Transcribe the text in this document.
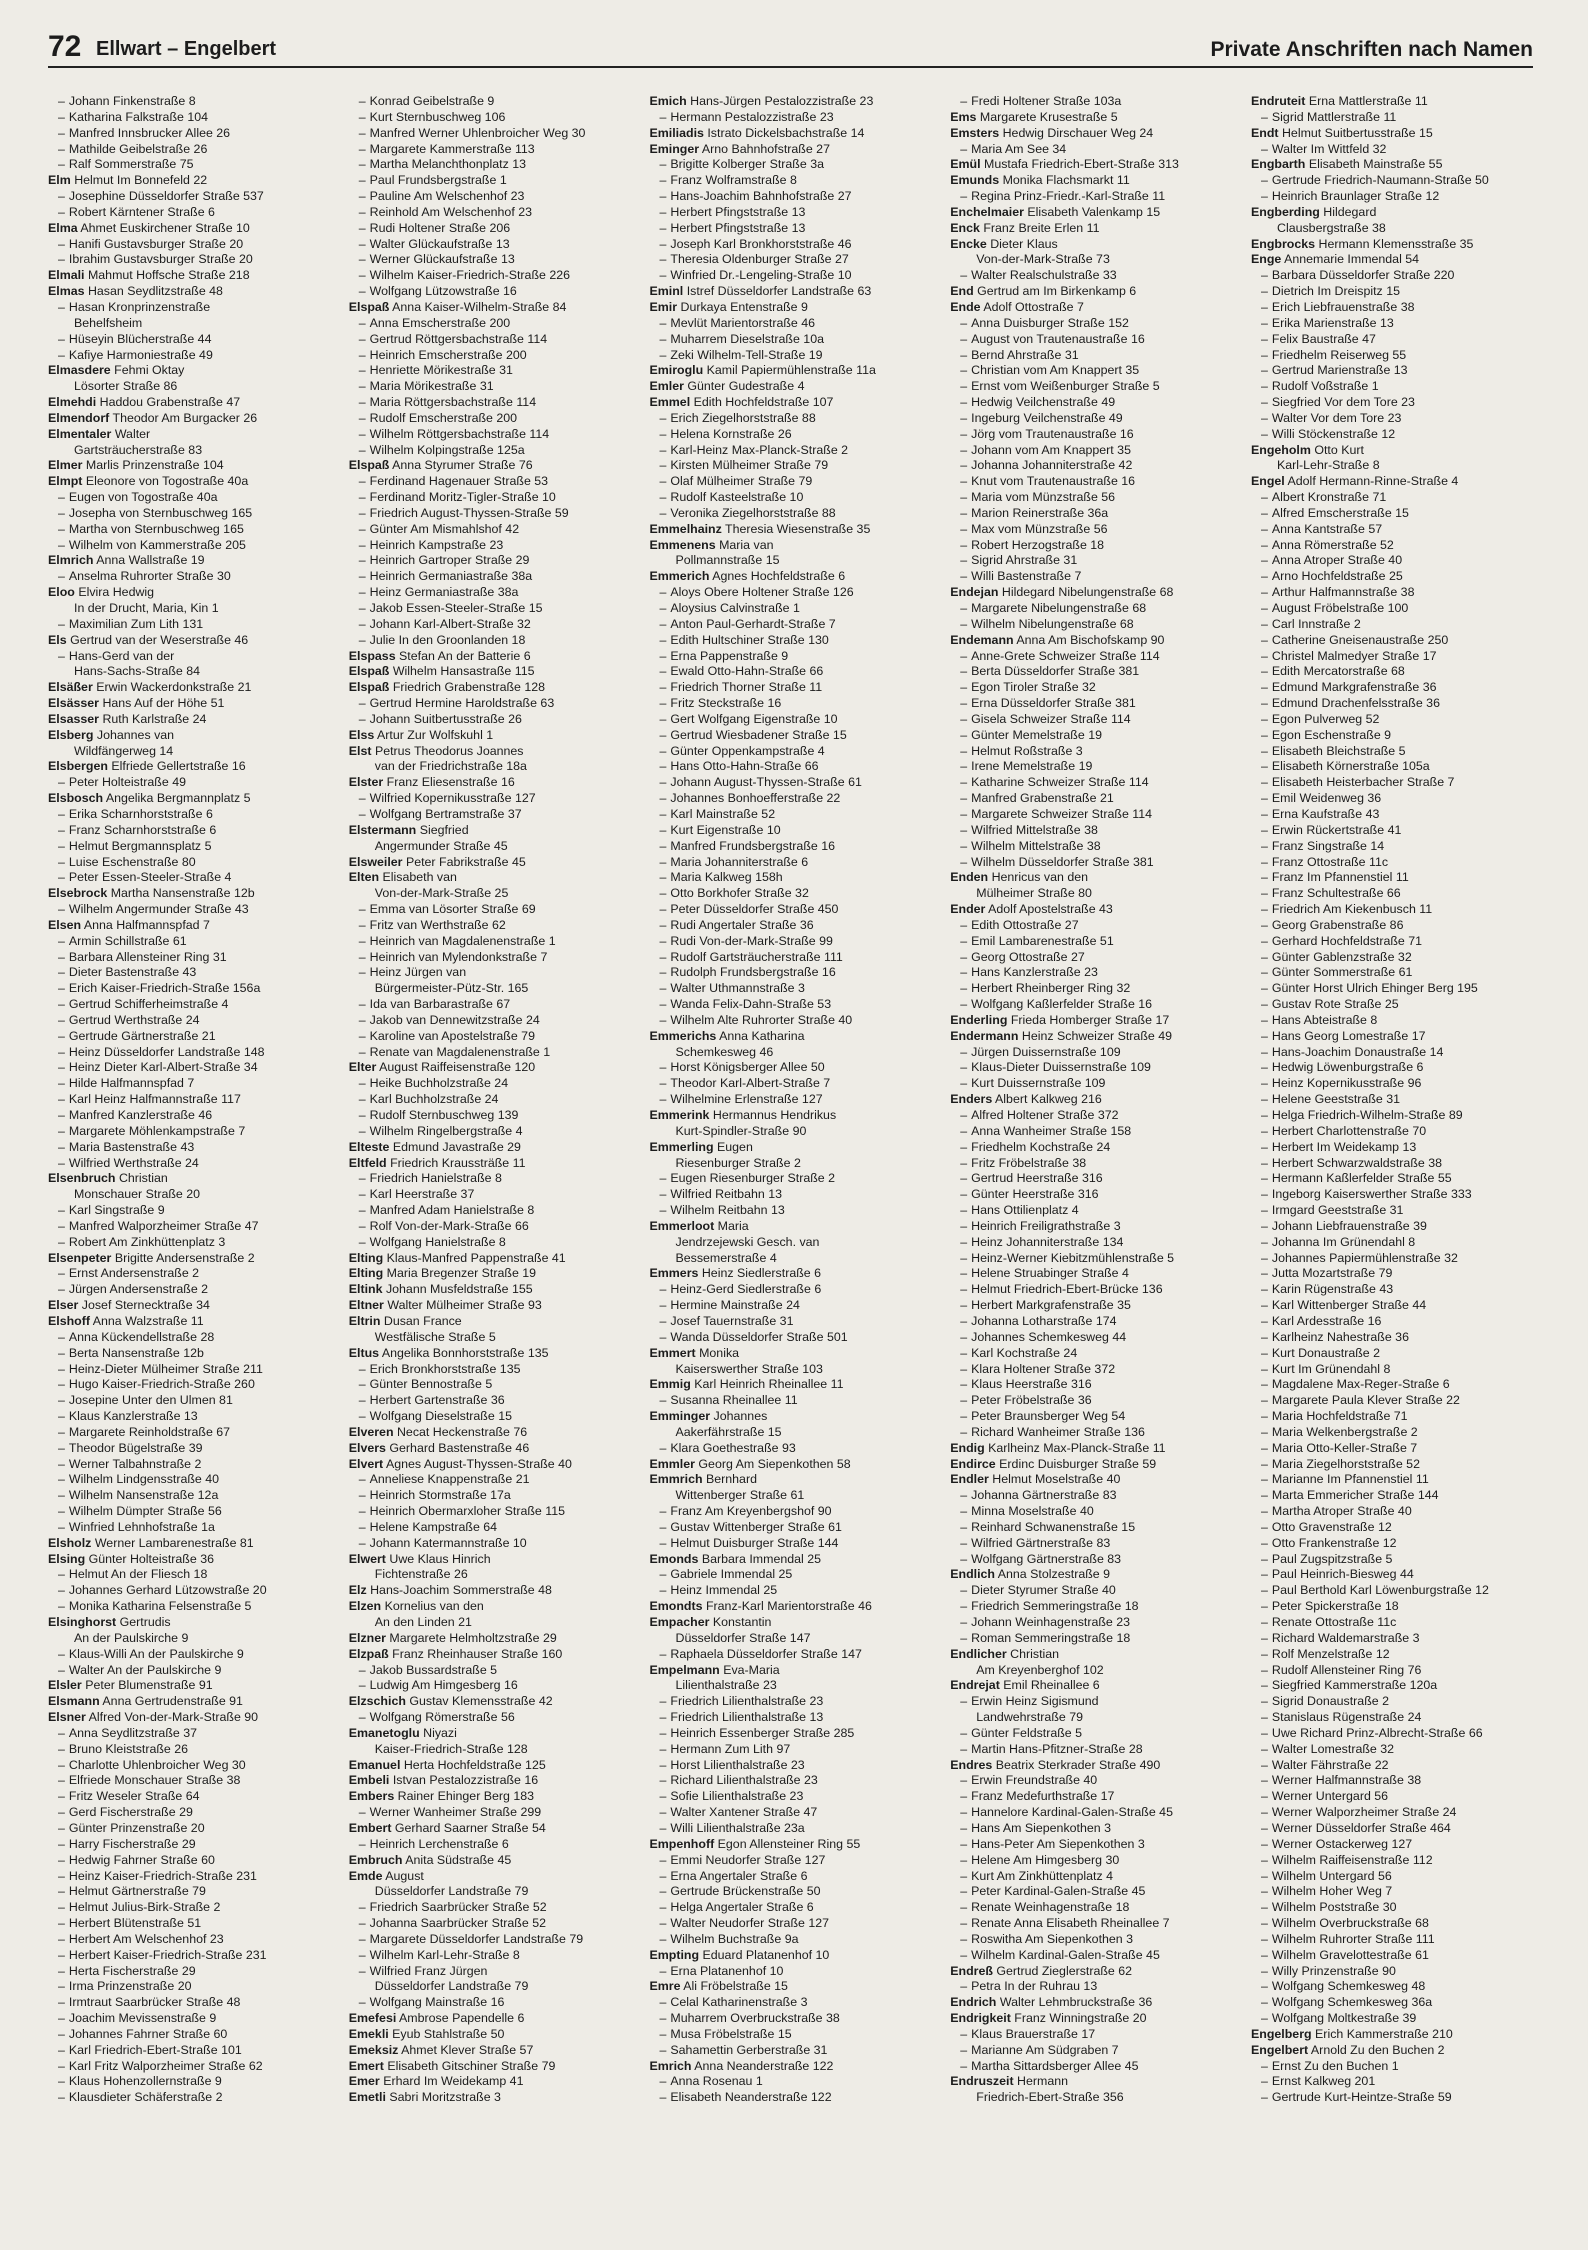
72 Ellwart – Engelbert	Private Anschriften nach Namen
– Johann Finkenstraße 8
– Katharina Falkstraße 104
– Manfred Innsbrucker Allee 26
– Mathilde Geibelstraße 26
– Ralf Sommerstraße 75
Elm Helmut Im Bonnefeld 22
– Josephine Düsseldorfer Straße 537
– Robert Kärntener Straße 6
Elma Ahmet Euskirchener Straße 10
– Hanifi Gustavsburger Straße 20
– Ibrahim Gustavsburger Straße 20
Elmali Mahmut Hoffsche Straße 218
Elmas Hasan Seydlitzstraße 48
– Hasan Kronprinzenstraße
Behelfsheim
– Hüseyin Blücherstraße 44
– Kafiye Harmoniestraße 49
Elmasdere Fehmi Oktay
Lösorter Straße 86
Elmehdi Haddou Grabenstraße 47
Elmendorf Theodor Am Burgacker 26
Elmentaler Walter
Gartsträucherstraße 83
Elmer Marlis Prinzenstraße 104
Elmpt Eleonore von Togostraße 40a
– Eugen von Togostraße 40a
– Josepha von Sternbuschweg 165
– Martha von Sternbuschweg 165
– Wilhelm von Kammerstraße 205
Elmrich Anna Wallstraße 19
– Anselma Ruhrorter Straße 30
Eloo Elvira Hedwig
In der Drucht, Maria, Kin 1
– Maximilian Zum Lith 131
Els Gertrud van der Weserstraße 46
– Hans-Gerd van der
Hans-Sachs-Straße 84
Elsäßer Erwin Wackerdonkstraße 21
Elsässer Hans Auf der Höhe 51
Elsasser Ruth Karlstraße 24
Elsberg Johannes van
Wildfängerweg 14
Elsbergen Elfriede Gellertstraße 16
– Peter Holteistraße 49
Elsbosch Angelika Bergmannplatz 5
– Erika Scharnhorststraße 6
– Franz Scharnhorststraße 6
– Helmut Bergmannsplatz 5
– Luise Eschenstraße 80
– Peter Essen-Steeler-Straße 4
Elsebrock Martha Nansenstraße 12b
– Wilhelm Angermunder Straße 43
Elsen Anna Halfmannspfad 7
– Armin Schillstraße 61
– Barbara Allensteiner Ring 31
– Dieter Bastenstraße 43
– Erich Kaiser-Friedrich-Straße 156a
– Gertrud Schifferheimstraße 4
– Gertrud Werthstraße 24
– Gertrude Gärtnerstraße 21
– Heinz Düsseldorfer Landstraße 148
– Heinz Dieter Karl-Albert-Straße 34
– Hilde Halfmannspfad 7
– Karl Heinz Halfmannstraße 117
– Manfred Kanzlerstraße 46
– Margarete Möhlenkampstraße 7
– Maria Bastenstraße 43
– Wilfried Werthstraße 24
Elsenbruch Christian
Monschauer Straße 20
– Karl Singstraße 9
– Manfred Walporzheimer Straße 47
– Robert Am Zinkhüttenplatz 3
Elsenpeter Brigitte Andersenstraße 2
– Ernst Andersenstraße 2
– Jürgen Andersenstraße 2
Elser Josef Sternecktraße 34
Elshoff Anna Walzstraße 11
– Anna Kückendellstraße 28
– Berta Nansenstraße 12b
– Heinz-Dieter Mülheimer Straße 211
– Hugo Kaiser-Friedrich-Straße 260
– Josepine Unter den Ulmen 81
– Klaus Kanzlerstraße 13
– Margarete Reinholdstraße 67
– Theodor Bügelstraße 39
– Werner Talbahnstraße 2
– Wilhelm Lindgensstraße 40
– Wilhelm Nansenstraße 12a
– Wilhelm Dümpter Straße 56
– Winfried Lehnhofstraße 1a
Elsholz Werner Lambarenestraße 81
Elsing Günter Holteistraße 36
– Helmut An der Fliesch 18
– Johannes Gerhard Lützowstraße 20
– Monika Katharina Felsenstraße 5
Elsinghorst Gertrudis
An der Paulskirche 9
– Klaus-Willi An der Paulskirche 9
– Walter An der Paulskirche 9
Elsler Peter Blumenstraße 91
Elsmann Anna Gertrudenstraße 91
Elsner Alfred Von-der-Mark-Straße 90
– Anna Seydlitzstraße 37
– Bruno Kleiststraße 26
– Charlotte Uhlenbroicher Weg 30
– Elfriede Monschauer Straße 38
– Fritz Weseler Straße 64
– Gerd Fischerstraße 29
– Günter Prinzenstraße 20
– Harry Fischerstraße 29
– Hedwig Fahrner Straße 60
– Heinz Kaiser-Friedrich-Straße 231
– Helmut Gärtnerstraße 79
– Helmut Julius-Birk-Straße 2
– Herbert Blütenstraße 51
– Herbert Am Welschenhof 23
– Herbert Kaiser-Friedrich-Straße 231
– Herta Fischerstraße 29
– Irma Prinzenstraße 20
– Irmtraut Saarbrücker Straße 48
– Joachim Mevissenstraße 9
– Johannes Fahrner Straße 60
– Karl Friedrich-Ebert-Straße 101
– Karl Fritz Walporzheimer Straße 62
– Klaus Hohenzollernstraße 9
– Klausdieter Schäferstraße 2
– Konrad Geibelstraße 9
– Kurt Sternbuschweg 106
– Manfred Werner Uhlenbroicher Weg 30
– Margarete Kammerstraße 113
– Martha Melanchthonplatz 13
– Paul Frundsbergstraße 1
– Pauline Am Welschenhof 23
– Reinhold Am Welschenhof 23
– Rudi Holtener Straße 206
– Walter Glückaufstraße 13
– Werner Glückaufstraße 13
– Wilhelm Kaiser-Friedrich-Straße 226
– Wolfgang Lützowstraße 16
Elspaß Anna Kaiser-Wilhelm-Straße 84
– Anna Emscherstraße 200
– Gertrud Röttgersbachstraße 114
– Heinrich Emscherstraße 200
– Henriette Mörikestraße 31
– Maria Mörikestraße 31
– Maria Röttgersbachstraße 114
– Rudolf Emscherstraße 200
– Wilhelm Röttgersbachstraße 114
– Wilhelm Kolpingstraße 125a
Elspaß Anna Styrumer Straße 76
– Ferdinand Hagenauer Straße 53
– Ferdinand Moritz-Tigler-Straße 10
– Friedrich August-Thyssen-Straße 59
– Günter Am Mismahlshof 42
– Heinrich Kampstraße 23
– Heinrich Gartroper Straße 29
– Heinrich Germaniastraße 38a
– Heinz Germaniastraße 38a
– Jakob Essen-Steeler-Straße 15
– Johann Karl-Albert-Straße 32
– Julie In den Groonlanden 18
Elspass Stefan An der Batterie 6
Elspaß Wilhelm Hansastraße 115
Elspaß Friedrich Grabenstraße 128
– Gertrud Hermine Haroldstraße 63
– Johann Suitbertusstraße 26
Elss Artur Zur Wolfskuhl 1
Elst Petrus Theodorus Joannes
van der Friedrichstraße 18a
Elster Franz Eliesenstraße 16
– Wilfried Kopernikusstraße 127
– Wolfgang Bertramstraße 37
Elstermann Siegfried
Angermunder Straße 45
Elsweiler Peter Fabrikstraße 45
Elten Elisabeth van
Von-der-Mark-Straße 25
– Emma van Lösorter Straße 69
– Fritz van Werthstraße 62
– Heinrich van Magdalenenstraße 1
– Heinrich van Mylendonkstraße 7
– Heinz Jürgen van
Bürgermeister-Pütz-Str. 165
– Ida van Barbarastraße 67
– Jakob van Dennewitzstraße 24
– Karoline van Apostelstraße 79
– Renate van Magdalenenstraße 1
Elter August Raiffeisenstraße 120
– Heike Buchholzstraße 24
– Karl Buchholzstraße 24
– Rudolf Sternbuschweg 139
– Wilhelm Ringelbergstraße 4
Elteste Edmund Javastraße 29
Eltfeld Friedrich Kraussträße 11
– Friedrich Hanielstraße 8
– Karl Heerstraße 37
– Manfred Adam Hanielstraße 8
– Rolf Von-der-Mark-Straße 66
– Wolfgang Hanielstraße 8
Elting Klaus-Manfred Pappenstraße 41
Elting Maria Bregenzer Straße 19
Eltink Johann Musfeldstraße 155
Eltner Walter Mülheimer Straße 93
Eltrin Dusan France
Westfälische Straße 5
Eltus Angelika Bonnhorststraße 135
– Erich Bronkhorststraße 135
– Günter Bennostraße 5
– Herbert Gartenstraße 36
– Wolfgang Dieselstraße 15
Elveren Necat Heckenstraße 76
Elvers Gerhard Bastenstraße 46
Elvert Agnes August-Thyssen-Straße 40
– Anneliese Knappenstraße 21
– Heinrich Stormstraße 17a
– Heinrich Obermarxloher Straße 115
– Helene Kampstraße 64
– Johann Katermannstraße 10
Elwert Uwe Klaus Hinrich
Fichtenstraße 26
Elz Hans-Joachim Sommerstraße 48
Elzen Kornelius van den
An den Linden 21
Elzner Margarete Helmholtzstraße 29
Elzpaß Franz Rheinhauser Straße 160
– Jakob Bussardstraße 5
– Ludwig Am Himgesberg 16
Elzschich Gustav Klemensstraße 42
– Wolfgang Römerstraße 56
Emanetoglu Niyazi
Kaiser-Friedrich-Straße 128
Emanuel Herta Hochfeldstraße 125
Embeli Istvan Pestalozzistraße 16
Embers Rainer Ehinger Berg 183
– Werner Wanheimer Straße 299
Embert Gerhard Saarner Straße 54
– Heinrich Lerchenstraße 6
Embruch Anita Südstraße 45
Emde August
Düsseldorfer Landstraße 79
– Friedrich Saarbrücker Straße 52
– Johanna Saarbrücker Straße 52
– Margarete Düsseldorfer Landstraße 79
– Wilhelm Karl-Lehr-Straße 8
– Wilfried Franz Jürgen
Düsseldorfer Landstraße 79
– Wolfgang Mainstraße 16
Emefesi Ambrose Papendelle 6
Emekli Eyub Stahlstraße 50
Emeksiz Ahmet Klever Straße 57
Emert Elisabeth Gitschiner Straße 79
Emer Erhard Im Weidekamp 41
Emetli Sabri Moritzstraße 3
Emich Hans-Jürgen Pestalozzistraße 23
– Hermann Pestalozzistraße 23
Emiliadis Istrato Dickelsbachstraße 14
Eminger Arno Bahnhofstraße 27
– Brigitte Kolberger Straße 3a
– Franz Wolframstraße 8
– Hans-Joachim Bahnhofstraße 27
– Herbert Pfingststraße 13
– Herbert Pfingststraße 13
– Joseph Karl Bronkhorststraße 46
– Theresia Oldenburger Straße 27
– Winfried Dr.-Lengeling-Straße 10
Eminl Istref Düsseldorfer Landstraße 63
Emir Durkaya Entenstraße 9
– Mevlüt Marientorstraße 46
– Muharrem Dieselstraße 10a
– Zeki Wilhelm-Tell-Straße 19
Emiroglu Kamil Papiermühlenstraße 11a
Emler Günter Gudestraße 4
Emmel Edith Hochfeldstraße 107
– Erich Ziegelhorststraße 88
– Helena Kornstraße 26
– Karl-Heinz Max-Planck-Straße 2
– Kirsten Mülheimer Straße 79
– Olaf Mülheimer Straße 79
– Rudolf Kasteelstraße 10
– Veronika Ziegelhorststraße 88
Emmelhainz Theresia Wiesenstraße 35
Emmenens Maria van
Pollmannstraße 15
Emmerich Agnes Hochfeldstraße 6
– Aloys Obere Holtener Straße 126
– Aloysius Calvinstraße 1
– Anton Paul-Gerhardt-Straße 7
– Edith Hultschiner Straße 130
– Erna Pappenstraße 9
– Ewald Otto-Hahn-Straße 66
– Friedrich Thorner Straße 11
– Fritz Steckstraße 16
– Gert Wolfgang Eigenstraße 10
– Gertrud Wiesbadener Straße 15
– Günter Oppenkampstraße 4
– Hans Otto-Hahn-Straße 66
– Johann August-Thyssen-Straße 61
– Johannes Bonhoefferstraße 22
– Karl Mainstraße 52
– Kurt Eigenstraße 10
– Manfred Frundsbergstraße 16
– Maria Johanniterstraße 6
– Maria Kalkweg 158h
– Otto Borkhofer Straße 32
– Peter Düsseldorfer Straße 450
– Rudi Angertaler Straße 36
– Rudi Von-der-Mark-Straße 99
– Rudolf Gartsträucherstraße 111
– Rudolph Frundsbergstraße 16
– Walter Uthmannstraße 3
– Wanda Felix-Dahn-Straße 53
– Wilhelm Alte Ruhrorter Straße 40
Emmerichs Anna Katharina
Schemkesweg 46
– Horst Königsberger Allee 50
– Theodor Karl-Albert-Straße 7
– Wilhelmine Erlenstraße 127
Emmerink Hermannus Hendrikus
Kurt-Spindler-Straße 90
Emmerling Eugen
Riesenburger Straße 2
– Eugen Riesenburger Straße 2
– Wilfried Reitbahn 13
– Wilhelm Reitbahn 13
Emmerloot Maria
Jendrzejewski Gesch. van
Bessemerstraße 4
Emmers Heinz Siedlerstraße 6
– Heinz-Gerd Siedlerstraße 6
– Hermine Mainstraße 24
– Josef Tauernstraße 31
– Wanda Düsseldorfer Straße 501
Emmert Monika
Kaiserswerther Straße 103
Emmig Karl Heinrich Rheinallee 11
– Susanna Rheinallee 11
Emminger Johannes
Aakerfährstraße 15
– Klara Goethestraße 93
Emmler Georg Am Siepenkothen 58
Emmrich Bernhard
Wittenberger Straße 61
– Franz Am Kreyenbergshof 90
– Gustav Wittenberger Straße 61
– Helmut Duisburger Straße 144
Emonds Barbara Immendal 25
– Gabriele Immendal 25
– Heinz Immendal 25
Emondts Franz-Karl Marientorstraße 46
Empacher Konstantin
Düsseldorfer Straße 147
– Raphaela Düsseldorfer Straße 147
Empelmann Eva-Maria
Lilienthalstraße 23
– Friedrich Lilienthalstraße 23
– Friedrich Lilienthalstraße 13
– Heinrich Essenberger Straße 285
– Hermann Zum Lith 97
– Horst Lilienthalstraße 23
– Richard Lilienthalstraße 23
– Sofie Lilienthalstraße 23
– Walter Xantener Straße 47
– Willi Lilienthalstraße 23a
Empenhoff Egon Allensteiner Ring 55
– Emmi Neudorfer Straße 127
– Erna Angertaler Straße 6
– Gertrude Brückenstraße 50
– Helga Angertaler Straße 6
– Walter Neudorfer Straße 127
– Wilhelm Buchstraße 9a
Empting Eduard Platanenhof 10
– Erna Platanenhof 10
Emre Ali Fröbelstraße 15
– Celal Katharinenstraße 3
– Muharrem Overbruckstraße 38
– Musa Fröbelstraße 15
– Sahamettin Gerberstraße 31
Emrich Anna Neanderstraße 122
– Anna Rosenau 1
– Elisabeth Neanderstraße 122
– Fredi Holtener Straße 103a
Ems Margarete Krusestraße 5
Emsters Hedwig Dirschauer Weg 24
– Maria Am See 34
Emül Mustafa Friedrich-Ebert-Straße 313
Emunds Monika Flachsmarkt 11
– Regina Prinz-Friedr.-Karl-Straße 11
Enchelmaier Elisabeth Valenkamp 15
Enck Franz Breite Erlen 11
Encke Dieter Klaus
Von-der-Mark-Straße 73
– Walter Realschulstraße 33
End Gertrud am Im Birkenkamp 6
Ende Adolf Ottostraße 7
– Anna Duisburger Straße 152
– August von Trautenaustraße 16
– Bernd Ahrstraße 31
– Christian vom Am Knappert 35
– Ernst vom Weißenburger Straße 5
– Hedwig Veilchenstraße 49
– Ingeburg Veilchenstraße 49
– Jörg vom Trautenaustraße 16
– Johann vom Am Knappert 35
– Johanna Johanniterstraße 42
– Knut vom Trautenaustraße 16
– Maria vom Münzstraße 56
– Marion Reinerstraße 36a
– Max vom Münzstraße 56
– Robert Herzogstraße 18
– Sigrid Ahrstraße 31
– Willi Bastenstraße 7
Endejan Hildegard Nibelungenstraße 68
– Margarete Nibelungenstraße 68
– Wilhelm Nibelungenstraße 68
Endemann Anna Am Bischofskamp 90
– Anne-Grete Schweizer Straße 114
– Berta Düsseldorfer Straße 381
– Egon Tiroler Straße 32
– Erna Düsseldorfer Straße 381
– Gisela Schweizer Straße 114
– Günter Memelstraße 19
– Helmut Roßstraße 3
– Irene Memelstraße 19
– Katharine Schweizer Straße 114
– Manfred Grabenstraße 21
– Margarete Schweizer Straße 114
– Wilfried Mittelstraße 38
– Wilhelm Mittelstraße 38
– Wilhelm Düsseldorfer Straße 381
Enden Henricus van den
Mülheimer Straße 80
Ender Adolf Apostelstraße 43
– Edith Ottostraße 27
– Emil Lambarenestraße 51
– Georg Ottostraße 27
– Hans Kanzlerstraße 23
– Herbert Rheinberger Ring 32
– Wolfgang Kaßlerfelder Straße 16
Enderling Frieda Homberger Straße 17
Endermann Heinz Schweizer Straße 49
– Jürgen Duissernstraße 109
– Klaus-Dieter Duissernstraße 109
– Kurt Duissernstraße 109
Enders Albert Kalkweg 216
– Alfred Holtener Straße 372
– Anna Wanheimer Straße 158
– Friedhelm Kochstraße 24
– Fritz Fröbelstraße 38
– Gertrud Heerstraße 316
– Günter Heerstraße 316
– Hans Ottilienplatz 4
– Heinrich Freiligrathstraße 3
– Heinz Johanniterstraße 134
– Heinz-Werner Kiebitzmühlenstraße 5
– Helene Struabinger Straße 4
– Helmut Friedrich-Ebert-Brücke 136
– Herbert Markgrafenstraße 35
– Johanna Lotharstraße 174
– Johannes Schemkesweg 44
– Karl Kochstraße 24
– Klara Holtener Straße 372
– Klaus Heerstraße 316
– Peter Fröbelstraße 36
– Peter Braunsberger Weg 54
– Richard Wanheimer Straße 136
Endig Karlheinz Max-Planck-Straße 11
Endirce Erdinc Duisburger Straße 59
Endler Helmut Moselstraße 40
– Johanna Gärtnerstraße 83
– Minna Moselstraße 40
– Reinhard Schwanenstraße 15
– Wilfried Gärtnerstraße 83
– Wolfgang Gärtnerstraße 83
Endlich Anna Stolzestraße 9
– Dieter Styrumer Straße 40
– Friedrich Semmeringstraße 18
– Johann Weinhagenstraße 23
– Roman Semmeringstraße 18
Endlicher Christian
Am Kreyenberghof 102
Endrejat Emil Rheinallee 6
– Erwin Heinz Sigismund
Landwehrstraße 79
– Günter Feldstraße 5
– Martin Hans-Pfitzner-Straße 28
Endres Beatrix Sterkrader Straße 490
– Erwin Freundstraße 40
– Franz Medefurthstraße 17
– Hannelore Kardinal-Galen-Straße 45
– Hans Am Siepenkothen 3
– Hans-Peter Am Siepenkothen 3
– Helene Am Himgesberg 30
– Kurt Am Zinkhüttenplatz 4
– Peter Kardinal-Galen-Straße 45
– Renate Weinhagenstraße 18
– Renate Anna Elisabeth Rheinallee 7
– Roswitha Am Siepenkothen 3
– Wilhelm Kardinal-Galen-Straße 45
Endreß Gertrud Zieglerstraße 62
– Petra In der Ruhrau 13
Endrich Walter Lehmbruckstraße 36
Endrigkeit Franz Winningstraße 20
– Klaus Brauerstraße 17
– Marianne Am Südgraben 7
– Martha Sittardsberger Allee 45
Endruszeit Hermann
Friedrich-Ebert-Straße 356
Endruteit Erna Mattlerstraße 11
– Sigrid Mattlerstraße 11
Endt Helmut Suitbertusstraße 15
– Walter Im Wittfeld 32
Engbarth Elisabeth Mainstraße 55
– Gertrude Friedrich-Naumann-Straße 50
– Heinrich Braunlager Straße 12
Engberding Hildegard
Clausbergstraße 38
Engbrocks Hermann Klemensstraße 35
Enge Annemarie Immendal 54
– Barbara Düsseldorfer Straße 220
– Dietrich Im Dreispitz 15
– Erich Liebfrauenstraße 38
– Erika Marienstraße 13
– Felix Baustraße 47
– Friedhelm Reiserweg 55
– Gertrud Marienstraße 13
– Rudolf Voßstraße 1
– Siegfried Vor dem Tore 23
– Walter Vor dem Tore 23
– Willi Stöckenstraße 12
Engeholm Otto Kurt
Karl-Lehr-Straße 8
Engel Adolf Hermann-Rinne-Straße 4
– Albert Kronstraße 71
– Alfred Emscherstraße 15
– Anna Kantstraße 57
– Anna Römerstraße 52
– Anna Atroper Straße 40
– Arno Hochfeldstraße 25
– Arthur Halfmannstraße 38
– August Fröbelstraße 100
– Carl Innstraße 2
– Catherine Gneisenaustraße 250
– Christel Malmedyer Straße 17
– Edith Mercatorstraße 68
– Edmund Markgrafenstraße 36
– Edmund Drachenfelsstraße 36
– Egon Pulverweg 52
– Egon Eschenstraße 9
– Elisabeth Bleichstraße 5
– Elisabeth Körnerstraße 105a
– Elisabeth Heisterbacher Straße 7
– Emil Weidenweg 36
– Erna Kaufstraße 43
– Erwin Rückertstraße 41
– Franz Singstraße 14
– Franz Ottostraße 11c
– Franz Im Pfannenstiel 11
– Franz Schultestraße 66
– Friedrich Am Kiekenbusch 11
– Georg Grabenstraße 86
– Gerhard Hochfeldstraße 71
– Günter Gablenzstraße 32
– Günter Sommerstraße 61
– Günter Horst Ulrich Ehinger Berg 195
– Gustav Rote Straße 25
– Hans Abteistraße 8
– Hans Georg Lomestraße 17
– Hans-Joachim Donaustraße 14
– Hedwig Löwenburgstraße 6
– Heinz Kopernikusstraße 96
– Helene Geeststraße 31
– Helga Friedrich-Wilhelm-Straße 89
– Herbert Charlottenstraße 70
– Herbert Im Weidekamp 13
– Herbert Schwarzwaldstraße 38
– Hermann Kaßlerfelder Straße 55
– Ingeborg Kaiserswerther Straße 333
– Irmgard Geeststraße 31
– Johann Liebfrauenstraße 39
– Johanna Im Grünendahl 8
– Johannes Papiermühlenstraße 32
– Jutta Mozartstraße 79
– Karin Rügenstraße 43
– Karl Wittenberger Straße 44
– Karl Ardesstraße 16
– Karlheinz Nahestraße 36
– Kurt Donaustraße 2
– Kurt Im Grünendahl 8
– Magdalene Max-Reger-Straße 6
– Margarete Paula Klever Straße 22
– Maria Hochfeldstraße 71
– Maria Welkenbergstraße 2
– Maria Otto-Keller-Straße 7
– Maria Ziegelhorststraße 52
– Marianne Im Pfannenstiel 11
– Marta Emmericher Straße 144
– Martha Atroper Straße 40
– Otto Gravenstraße 12
– Otto Frankenstraße 12
– Paul Zugspitzstraße 5
– Paul Heinrich-Biesweg 44
– Paul Berthold Karl Löwenburgstraße 12
– Peter Spickerstraße 18
– Renate Ottostraße 11c
– Richard Waldemarstraße 3
– Rolf Menzelstraße 12
– Rudolf Allensteiner Ring 76
– Siegfried Kammerstraße 120a
– Sigrid Donaustraße 2
– Stanislaus Rügenstraße 24
– Uwe Richard Prinz-Albrecht-Straße 66
– Walter Lomestraße 32
– Walter Fährstraße 22
– Werner Halfmannstraße 38
– Werner Untergard 56
– Werner Walporzheimer Straße 24
– Werner Düsseldorfer Straße 464
– Werner Ostackerweg 127
– Wilhelm Raiffeisenstraße 112
– Wilhelm Untergard 56
– Wilhelm Hoher Weg 7
– Wilhelm Poststraße 30
– Wilhelm Overbruckstraße 68
– Wilhelm Ruhrorter Straße 111
– Wilhelm Gravelottestraße 61
– Willy Prinzenstraße 90
– Wolfgang Schemkesweg 48
– Wolfgang Schemkesweg 36a
– Wolfgang Moltkestraße 39
Engelberg Erich Kammerstraße 210
Engelbert Arnold Zu den Buchen 2
– Ernst Zu den Buchen 1
– Ernst Kalkweg 201
– Gertrude Kurt-Heintze-Straße 59
